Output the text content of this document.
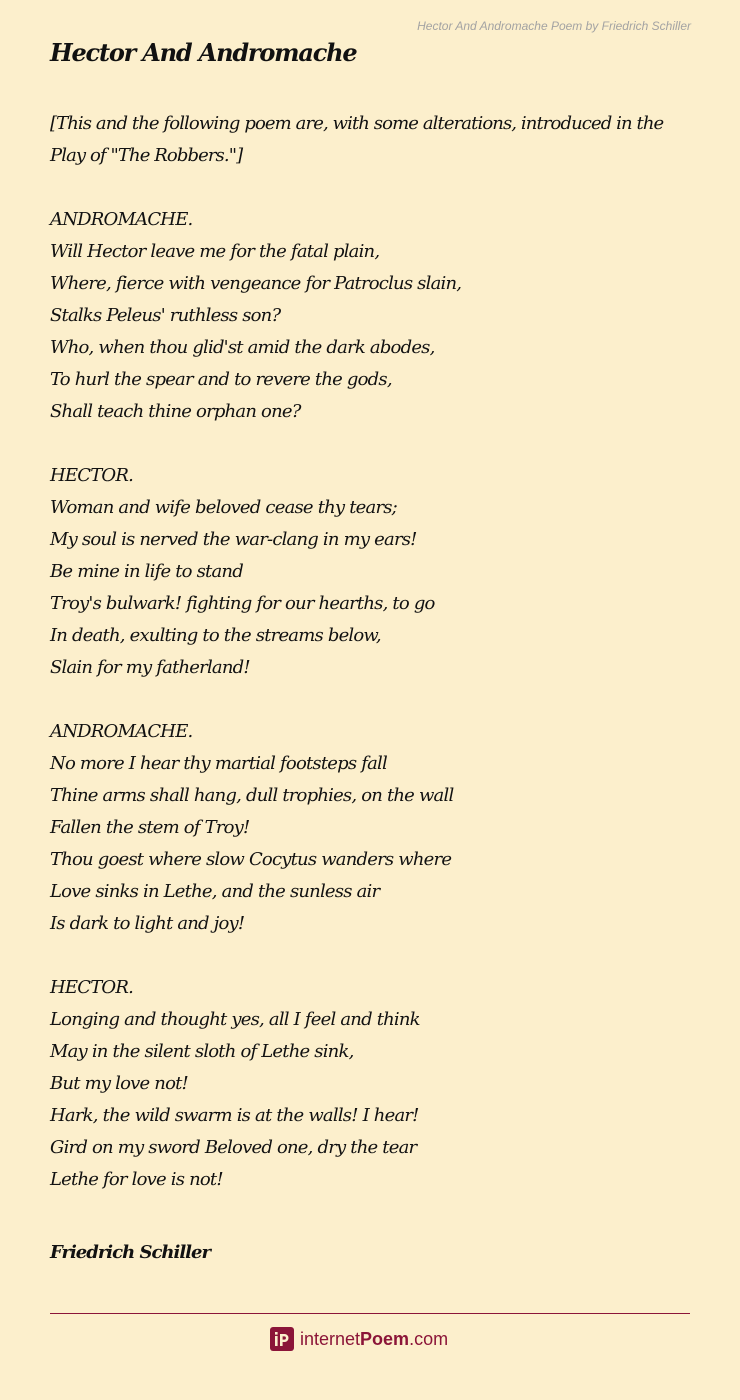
Hector And Andromache Poem by Friedrich Schiller
Hector And Andromache

[This and the following poem are, with some alterations, introduced in the Play of "The Robbers."]

ANDROMACHE.
Will Hector leave me for the fatal plain,
Where, fierce with vengeance for Patroclus slain,
Stalks Peleus' ruthless son?
Who, when thou glid'st amid the dark abodes,
To hurl the spear and to revere the gods,
Shall teach thine orphan one?
HECTOR.
Woman and wife beloved cease thy tears;
My soul is nerved the war-clang in my ears!
Be mine in life to stand
Troy's bulwark! fighting for our hearths, to go
In death, exulting to the streams below,
Slain for my fatherland!
ANDROMACHE.
No more I hear thy martial footsteps fall
Thine arms shall hang, dull trophies, on the wall
Fallen the stem of Troy!
Thou goest where slow Cocytus wanders where
Love sinks in Lethe, and the sunless air
Is dark to light and joy!
HECTOR.
Longing and thought yes, all I feel and think
May in the silent sloth of Lethe sink,
But my love not!
Hark, the wild swarm is at the walls! I hear!
Gird on my sword Beloved one, dry the tear
Lethe for love is not!
Friedrich Schiller
internetPoem.com
